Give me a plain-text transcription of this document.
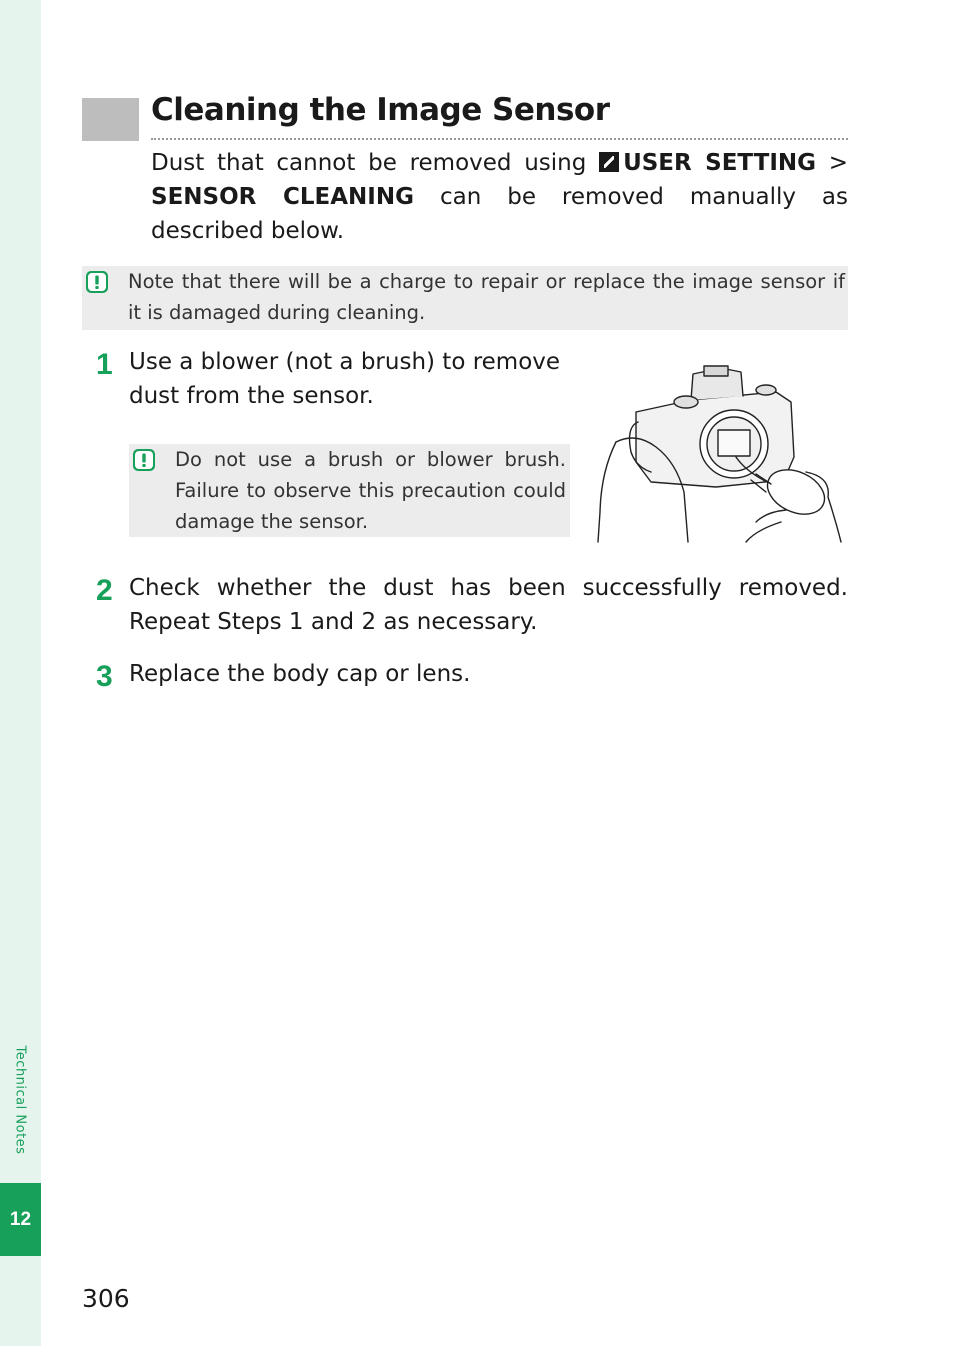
Technical Notes
12
Cleaning the Image Sensor

Dust that cannot be removed using USER SETTING > SENSOR CLEANING can be removed manually as described below.

Note that there will be a charge to repair or replace the image sensor if it is damaged during cleaning.

1 Use a blower (not a brush) to remove dust from the sensor.

Do not use a brush or blower brush. Failure to observe this precaution could damage the sensor.

2 Check whether the dust has been successfully removed. Repeat Steps 1 and 2 as necessary.

3 Replace the body cap or lens.

306
